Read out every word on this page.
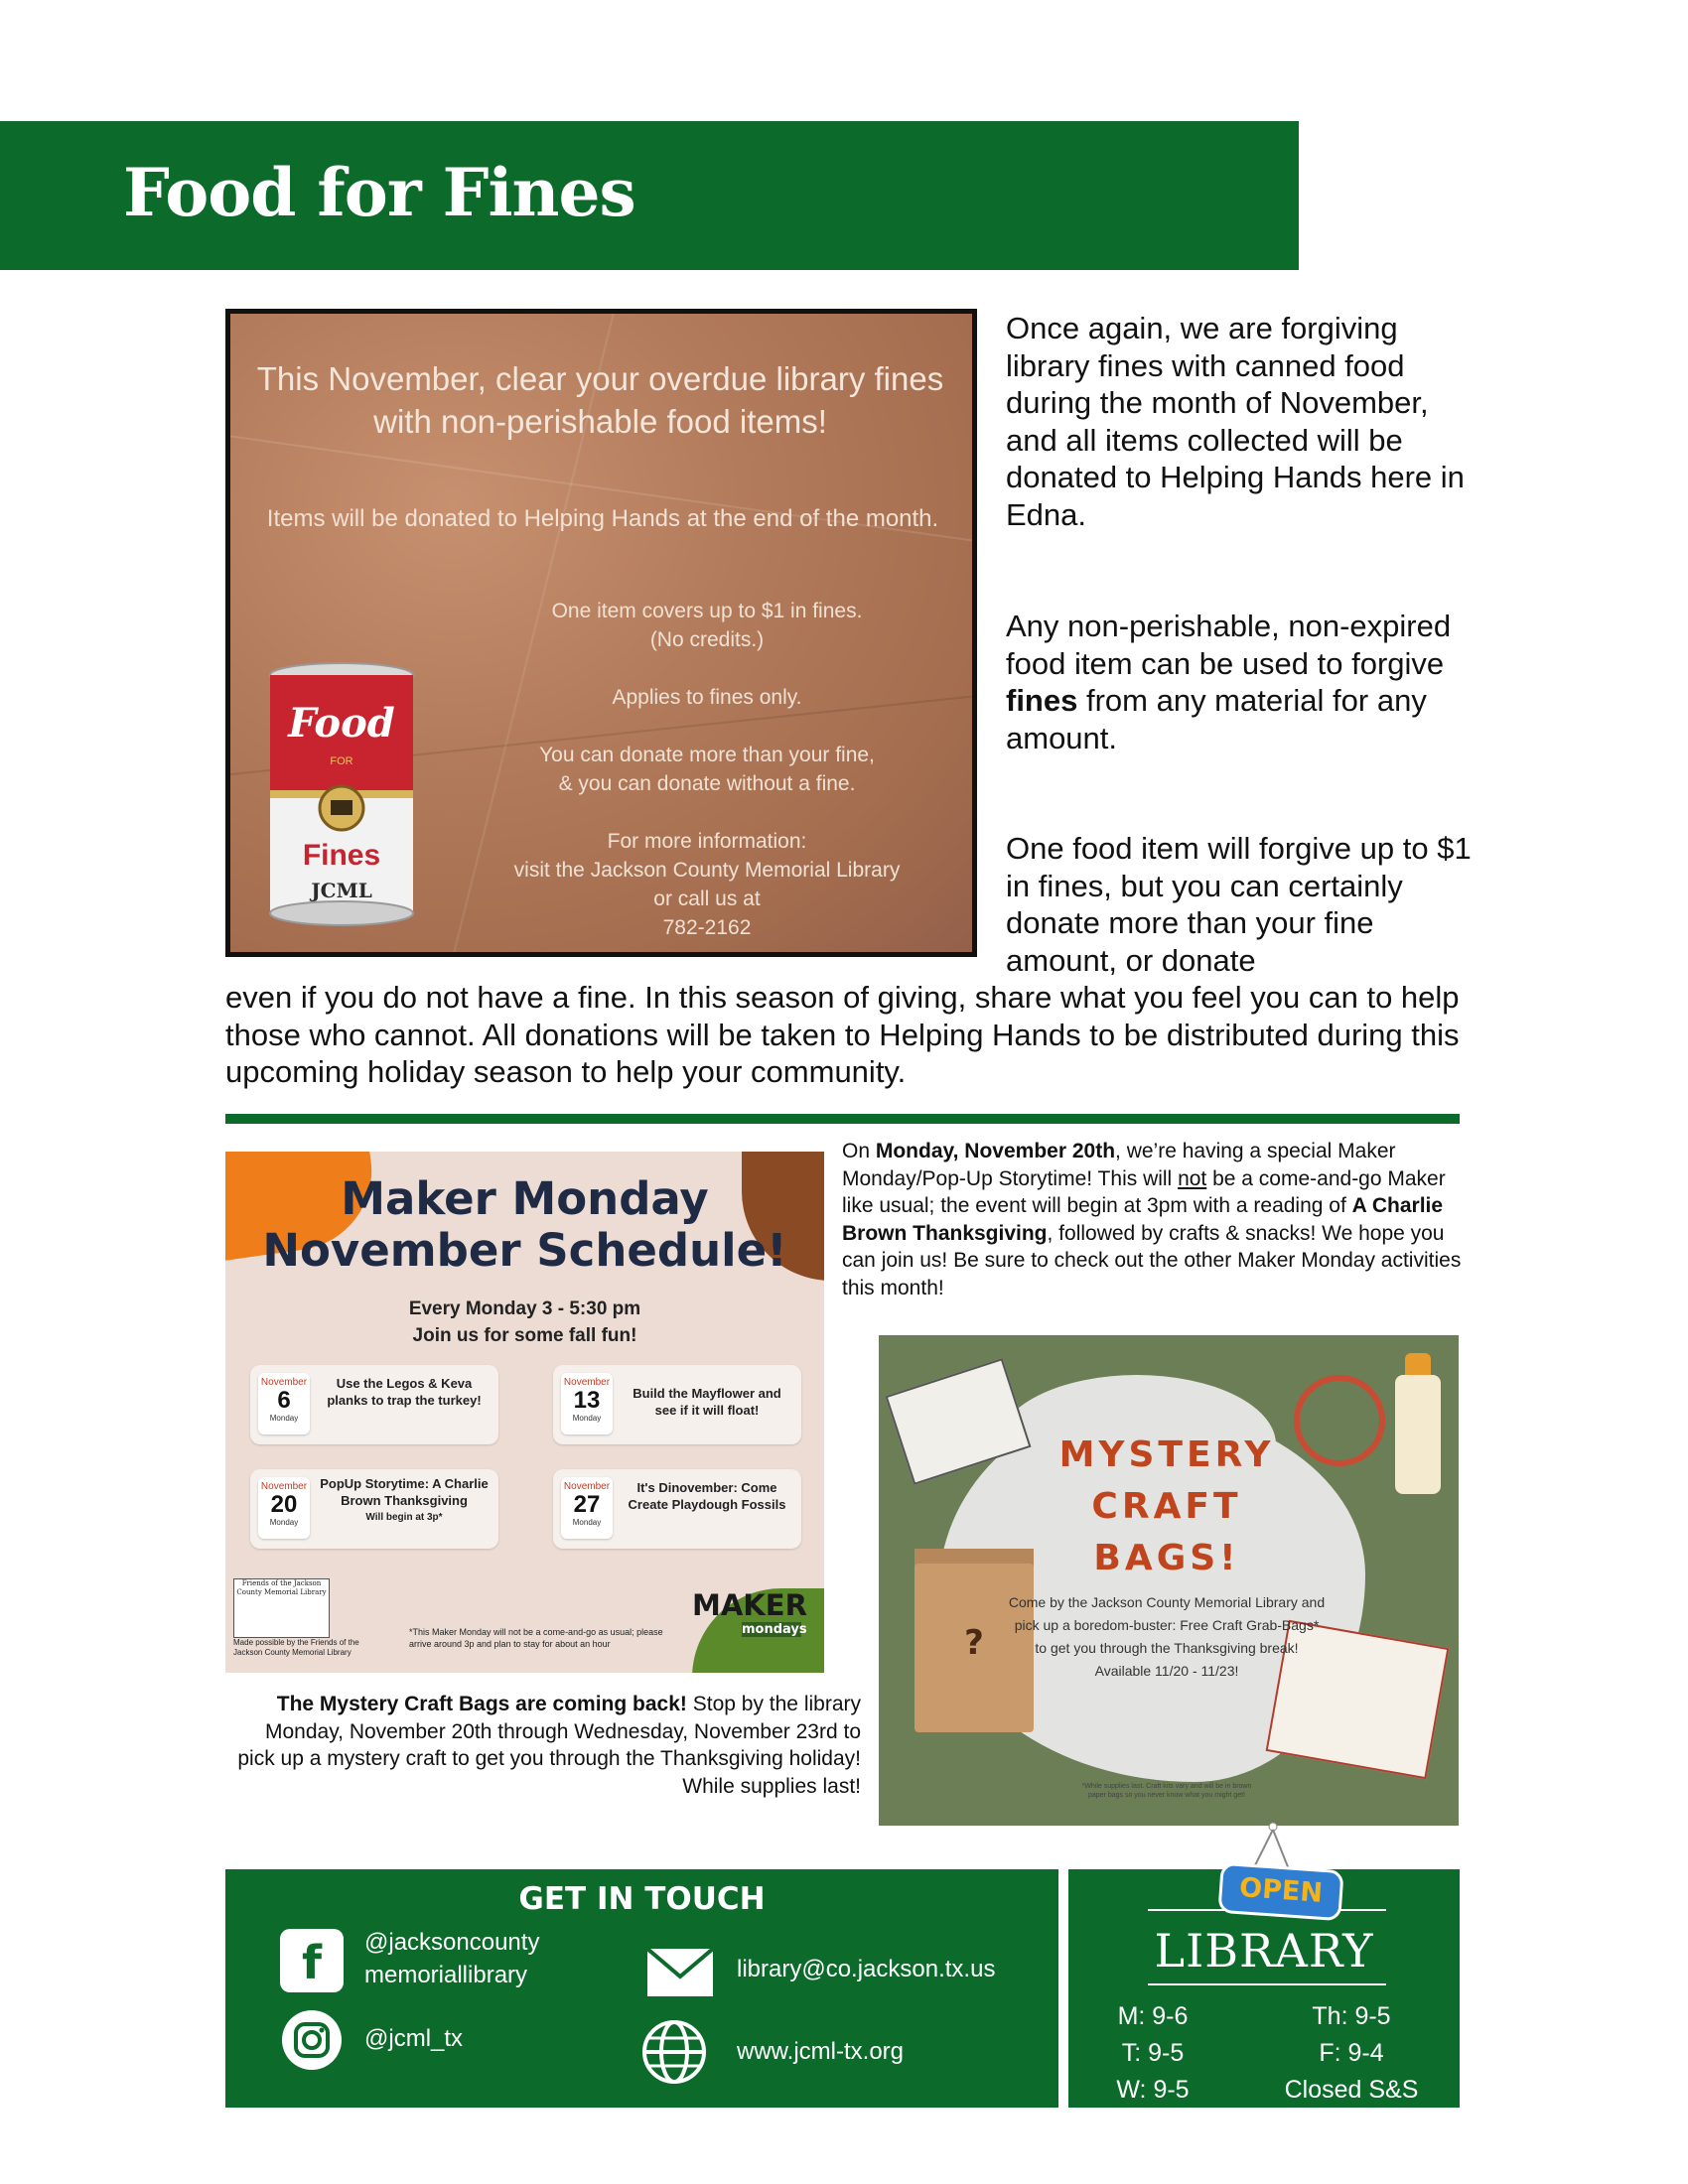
Food for Fines
This November, clear your overdue library fines with non-perishable food items!
Items will be donated to Helping Hands at the end of the month.
One item covers up to $1 in fines.
(No credits.)
Applies to fines only.
You can donate more than your fine,
& you can donate without a fine.
For more information:
visit the Jackson County Memorial Library
or call us at
782-2162
Food
FOR
Fines
JCML
Once again, we are forgiving library fines with canned food during the month of November, and all items collected will be donated to Helping Hands here in Edna.
Any non-perishable, non-expired food item can be used to forgive fines from any material for any amount.
One food item will forgive up to $1 in fines, but you can certainly donate more than your fine amount, or donate
even if you do not have a fine. In this season of giving, share what you feel you can to help those who cannot. All donations will be taken to Helping Hands to be distributed during this upcoming holiday season to help your community.
Maker Monday
November Schedule!
Every Monday 3 - 5:30 pm
Join us for some fall fun!
November
6
Monday
Use the Legos & Keva planks to trap the turkey!
November
13
Monday
Build the Mayflower and see if it will float!
November
20
Monday
PopUp Storytime: A Charlie Brown Thanksgiving
Will begin at 3p*
November
27
Monday
It's Dinovember: Come Create Playdough Fossils
Friends of the Jackson County Memorial Library
Made possible by the Friends of the Jackson County Memorial Library
*This Maker Monday will not be a come-and-go as usual; please arrive around 3p and plan to stay for about an hour
MAKER
mondays
On Monday, November 20th, we’re having a special Maker Monday/Pop-Up Storytime! This will not be a come-and-go Maker like usual; the event will begin at 3pm with a reading of A Charlie Brown Thanksgiving, followed by crafts & snacks! We hope you can join us! Be sure to check out the other Maker Monday activities this month!
?
MYSTERY
CRAFT
BAGS!
Come by the Jackson County Memorial Library and pick up a boredom-buster: Free Craft Grab-Bags* to get you through the Thanksgiving break! Available 11/20 - 11/23!
*While supplies last. Craft kits vary and will be in brown paper bags so you never know what you might get!
The Mystery Craft Bags are coming back! Stop by the library Monday, November 20th through Wednesday, November 23rd to pick up a mystery craft to get you through the Thanksgiving holiday! While supplies last!
GET IN TOUCH
f @jacksoncounty
memoriallibrary
@jcml_tx
library@co.jackson.tx.us
www.jcml-tx.org
LIBRARY
M: 9-6
T: 9-5
W: 9-5
Th: 9-5
F: 9-4
Closed S&S
OPEN
